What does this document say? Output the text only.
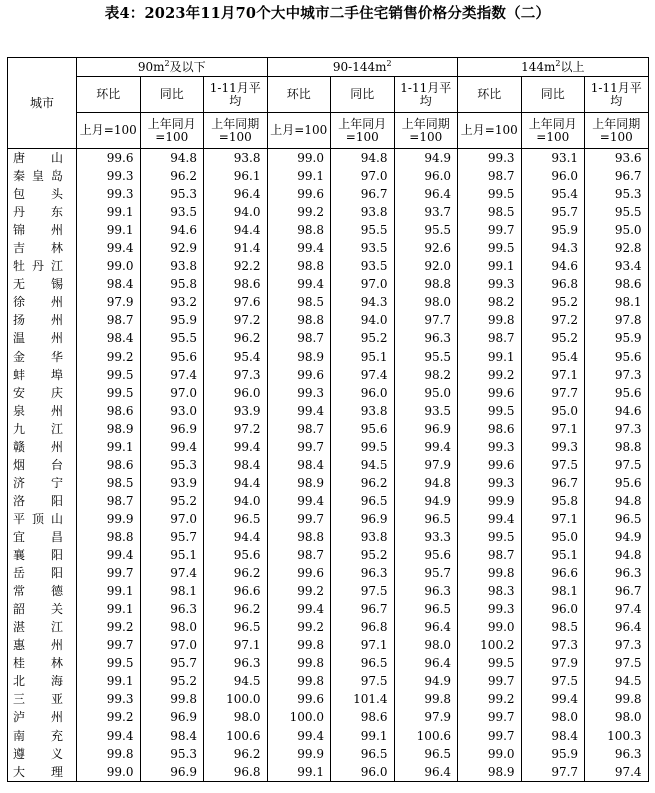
表4：2023年11月70个大中城市二手住宅销售价格分类指数（二）
城市	$90m^2$及以下			$90-144m^2$			$144m^2$以上		
	环比	同比	1-11月平均	环比	同比	1-11月平均	环比	同比	1-11月平均
	上月=100	上年同月=100	上年同期=100	上月=100	上年同月=100	上年同期=100	上月=100	上年同月=100	上年同期=100

唐 山	99.6	94.8	93.8	99.0	94.8	94.9	99.3	93.1	93.6

秦 皇 岛	99.3	96.2	96.1	99.1	97.0	96.0	98.7	96.0	96.7

包 头	99.3	95.3	96.4	99.6	96.7	96.4	99.5	95.4	95.3

丹 东	99.1	93.5	94.0	99.2	93.8	93.7	98.5	95.7	95.5

锦 州	99.1	94.6	94.4	98.8	95.5	95.5	99.7	95.9	95.0

吉 林	99.4	92.9	91.4	99.4	93.5	92.6	99.5	94.3	92.8

牡 丹 江	99.0	93.8	92.2	98.8	93.5	92.0	99.1	94.6	93.4

无 锡	98.4	95.8	98.6	99.4	97.0	98.8	99.3	96.8	98.6

徐 州	97.9	93.2	97.6	98.5	94.3	98.0	98.2	95.2	98.1

扬 州	98.7	95.9	97.2	98.8	94.0	97.7	99.8	97.2	97.8

温 州	98.4	95.5	96.2	98.7	95.2	96.3	98.7	95.2	95.9

金 华	99.2	95.6	95.4	98.9	95.1	95.5	99.1	95.4	95.6

蚌 埠	99.5	97.4	97.3	99.6	97.4	98.2	99.2	97.1	97.3

安 庆	99.5	97.0	96.0	99.3	96.0	95.0	99.6	97.7	95.6

泉 州	98.6	93.0	93.9	99.4	93.8	93.5	99.5	95.0	94.6

九 江	98.9	96.9	97.2	98.7	95.6	96.9	98.6	97.1	97.3

赣 州	99.1	99.4	99.4	99.7	99.5	99.4	99.3	99.3	98.8

烟 台	98.6	95.3	98.4	98.4	94.5	97.9	99.6	97.5	97.5

济 宁	98.5	93.9	94.4	98.9	96.2	94.8	99.3	96.7	95.6

洛 阳	98.7	95.2	94.0	99.4	96.5	94.9	99.9	95.8	94.8

平 顶 山	99.9	97.0	96.5	99.7	96.9	96.5	99.4	97.1	96.5

宜 昌	98.8	95.7	94.4	98.8	93.8	93.3	99.5	95.0	94.9

襄 阳	99.4	95.1	95.6	98.7	95.2	95.6	98.7	95.1	94.8

岳 阳	99.7	97.4	96.2	99.6	96.3	95.7	99.8	96.6	96.3

常 德	99.1	98.1	96.6	99.2	97.5	96.3	98.3	98.1	96.7

韶 关	99.1	96.3	96.2	99.4	96.7	96.5	99.3	96.0	97.4

湛 江	99.2	98.0	96.5	99.2	96.8	96.4	99.0	98.5	96.4

惠 州	99.7	97.0	97.1	99.8	97.1	98.0	100.2	97.3	97.3

桂 林	99.5	95.7	96.3	99.8	96.5	96.4	99.5	97.9	97.5

北 海	99.1	95.2	94.5	99.8	97.5	94.9	99.7	97.5	94.5

三 亚	99.3	99.8	100.0	99.6	101.4	99.8	99.2	99.4	99.8

泸 州	99.2	96.9	98.0	100.0	98.6	97.9	99.7	98.0	98.0

南 充	99.4	98.4	100.6	99.4	99.1	100.6	99.7	98.4	100.3

遵 义	99.8	95.3	96.2	99.9	96.5	96.5	99.0	95.9	96.3

大 理	99.0	96.9	96.8	99.1	96.0	96.4	98.9	97.7	97.4
